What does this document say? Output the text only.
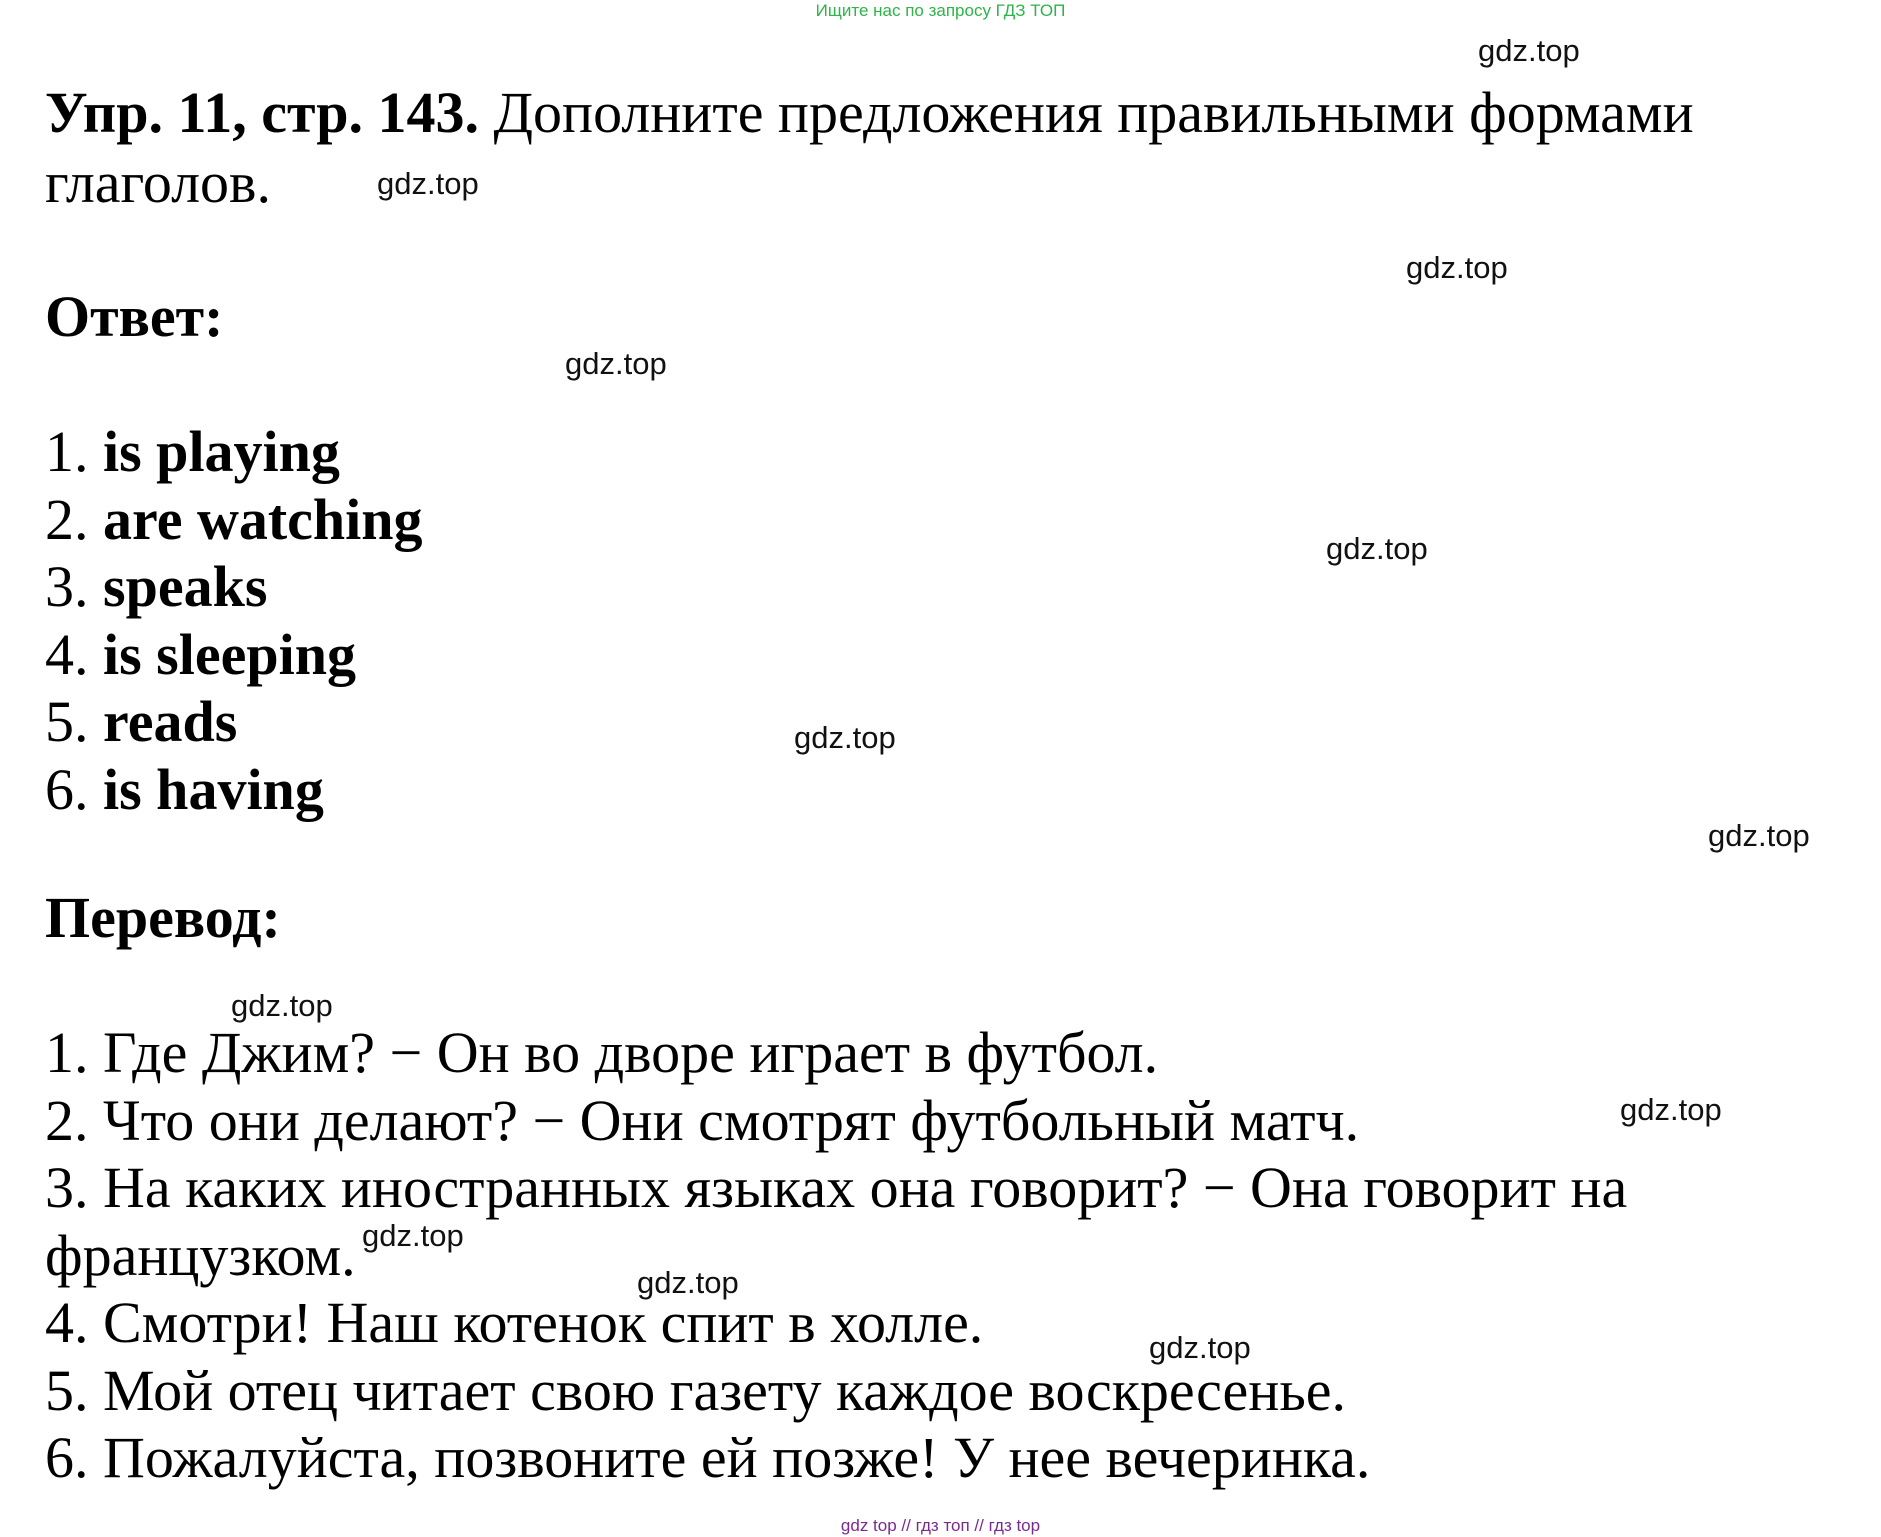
Ищите нас по запросу ГДЗ ТОП

Упр. 11, стр. 143. Дополните предложения правильными формами глаголов.

Ответ:

1. is playing
2. are watching
3. speaks
4. is sleeping
5. reads
6. is having

Перевод:

1. Где Джим? − Он во дворе играет в футбол.
2. Что они делают? − Они смотрят футбольный матч.
3. На каких иностранных языках она говорит? − Она говорит на французком.
4. Смотри! Наш котенок спит в холле.
5. Мой отец читает свою газету каждое воскресенье.
6. Пожалуйста, позвоните ей позже! У нее вечеринка.
gdz.top
gdz.top
gdz.top
gdz.top
gdz.top
gdz.top
gdz.top
gdz.top
gdz.top
gdz.top
gdz.top
gdz.top
gdz top // гдз топ // гдз top
